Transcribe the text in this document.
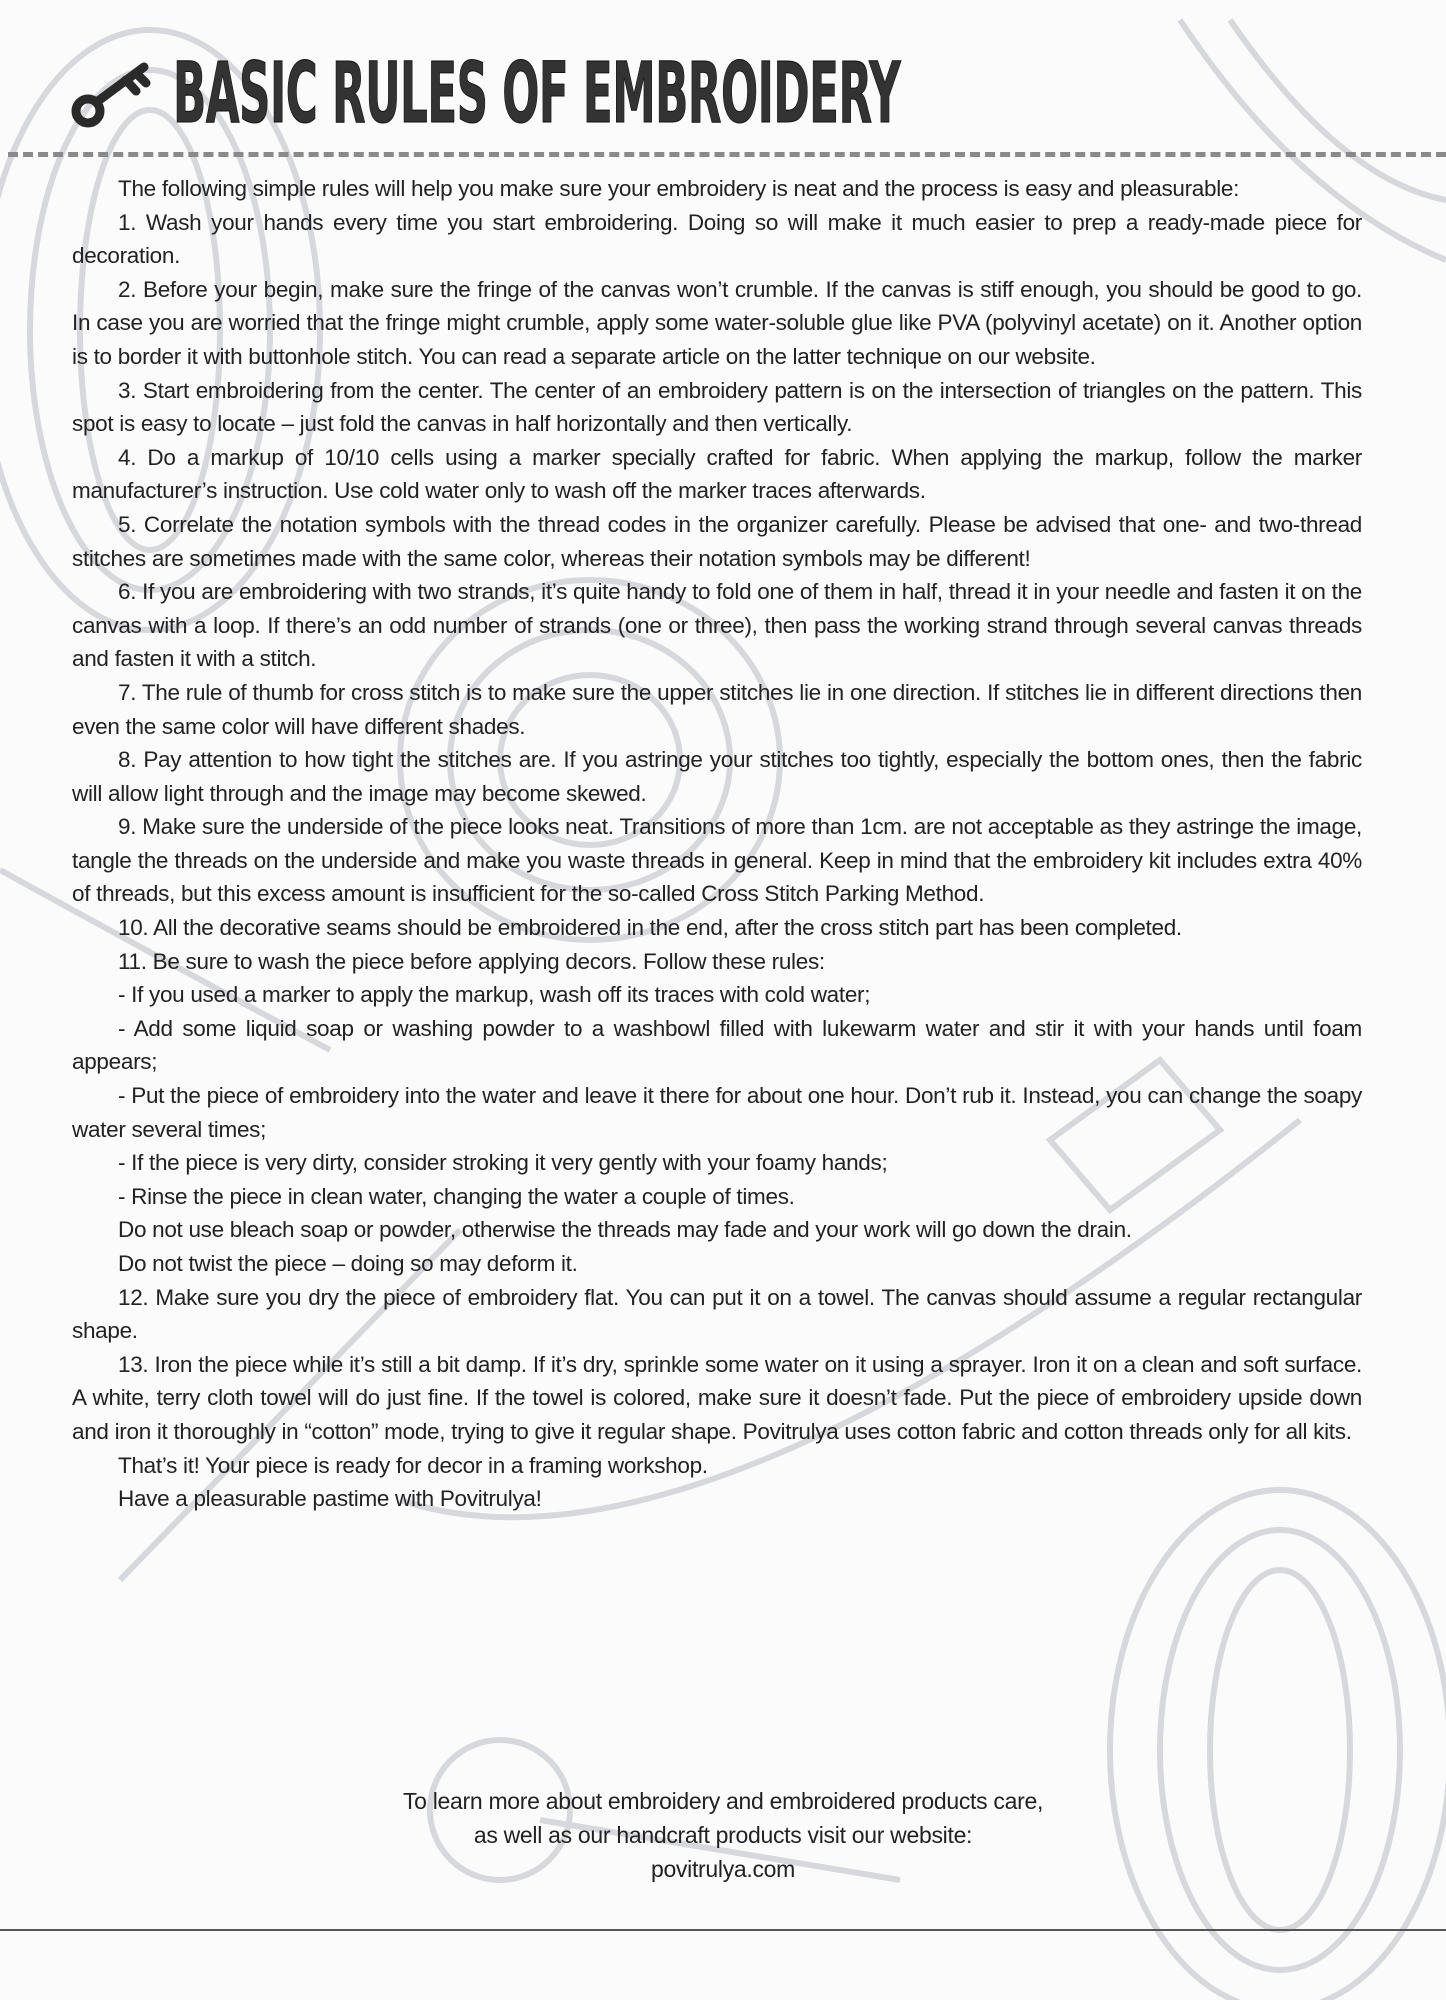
BASIC RULES OF EMBROIDERY

The following simple rules will help you make sure your embroidery is neat and the process is easy and pleasurable:

1. Wash your hands every time you start embroidering. Doing so will make it much easier to prep a ready-made piece for decoration.

2. Before your begin, make sure the fringe of the canvas won’t crumble. If the canvas is stiff enough, you should be good to go. In case you are worried that the fringe might crumble, apply some water-soluble glue like PVA (polyvinyl acetate) on it. Another option is to border it with buttonhole stitch. You can read a separate article on the latter technique on our website.

3. Start embroidering from the center. The center of an embroidery pattern is on the intersection of triangles on the pattern. This spot is easy to locate – just fold the canvas in half horizontally and then vertically.

4. Do a markup of 10/10 cells using a marker specially crafted for fabric. When applying the markup, follow the marker manufacturer’s instruction. Use cold water only to wash off the marker traces afterwards.

5. Correlate the notation symbols with the thread codes in the organizer carefully. Please be advised that one- and two-thread stitches are sometimes made with the same color, whereas their notation symbols may be different!

6. If you are embroidering with two strands, it’s quite handy to fold one of them in half, thread it in your needle and fasten it on the canvas with a loop. If there’s an odd number of strands (one or three), then pass the working strand through several canvas threads and fasten it with a stitch.

7. The rule of thumb for cross stitch is to make sure the upper stitches lie in one direction. If stitches lie in different directions then even the same color will have different shades.

8. Pay attention to how tight the stitches are. If you astringe your stitches too tightly, especially the bottom ones, then the fabric will allow light through and the image may become skewed.

9. Make sure the underside of the piece looks neat. Transitions of more than 1cm. are not acceptable as they astringe the image, tangle the threads on the underside and make you waste threads in general. Keep in mind that the embroidery kit includes extra 40% of threads, but this excess amount is insufficient for the so-called Cross Stitch Parking Method.

10. All the decorative seams should be embroidered in the end, after the cross stitch part has been completed.

11. Be sure to wash the piece before applying decors. Follow these rules:

- If you used a marker to apply the markup, wash off its traces with cold water;

- Add some liquid soap or washing powder to a washbowl filled with lukewarm water and stir it with your hands until foam appears;

- Put the piece of embroidery into the water and leave it there for about one hour. Don’t rub it. Instead, you can change the soapy water several times;

- If the piece is very dirty, consider stroking it very gently with your foamy hands;

- Rinse the piece in clean water, changing the water a couple of times.

Do not use bleach soap or powder, otherwise the threads may fade and your work will go down the drain.

Do not twist the piece – doing so may deform it.

12. Make sure you dry the piece of embroidery flat. You can put it on a towel. The canvas should assume a regular rectangular shape.

13. Iron the piece while it’s still a bit damp. If it’s dry, sprinkle some water on it using a sprayer. Iron it on a clean and soft surface. A white, terry cloth towel will do just fine. If the towel is colored, make sure it doesn’t fade. Put the piece of embroidery upside down and iron it thoroughly in “cotton” mode, trying to give it regular shape. Povitrulya uses cotton fabric and cotton threads only for all kits.

That’s it! Your piece is ready for decor in a framing workshop.

Have a pleasurable pastime with Povitrulya!

To learn more about embroidery and embroidered products care,
as well as our handcraft products visit our website:
povitrulya.com
